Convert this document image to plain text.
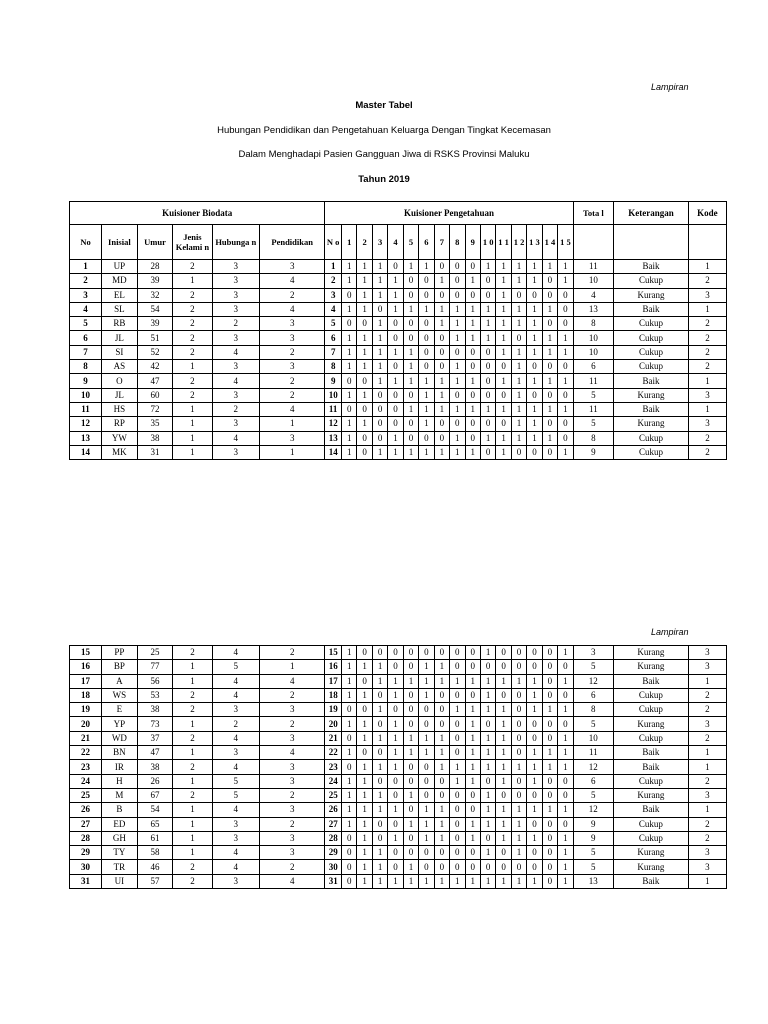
Lampiran
Master Tabel
Hubungan Pendidikan dan Pengetahuan Keluarga Dengan Tingkat Kecemasan
Dalam Menghadapi Pasien Gangguan Jiwa di RSKS Provinsi Maluku
Tahun 2019
Kuisioner Biodata						Kuisioner Pengetahuan																Tota l	Keterangan	Kode
No	Inisial	Umur	Jenis Kelami n	Hubunga n	Pendidikan	N o	1	2	3	4	5	6	7	8	9	1 0	1 1	1 2	1 3	1 4	1 5			
1	UP	28	2	3	3	1	1	1	1	0	1	1	0	0	0	1	1	1	1	1	1	11	Baik	1
2	MD	39	1	3	4	2	1	1	1	1	0	0	1	0	1	0	1	1	1	0	1	10	Cukup	2
3	EL	32	2	3	2	3	0	1	1	1	0	0	0	0	0	0	1	0	0	0	0	4	Kurang	3
4	SL	54	2	3	4	4	1	1	0	1	1	1	1	1	1	1	1	1	1	1	0	13	Baik	1
5	RB	39	2	2	3	5	0	0	1	0	0	0	1	1	1	1	1	1	1	0	0	8	Cukup	2
6	JL	51	2	3	3	6	1	1	1	0	0	0	0	1	1	1	1	0	1	1	1	10	Cukup	2
7	SI	52	2	4	2	7	1	1	1	1	1	0	0	0	0	0	1	1	1	1	1	10	Cukup	2
8	AS	42	1	3	3	8	1	1	1	0	1	0	0	1	0	0	0	1	0	0	0	6	Cukup	2
9	O	47	2	4	2	9	0	0	1	1	1	1	1	1	1	0	1	1	1	1	1	11	Baik	1
10	JL	60	2	3	2	10	1	1	0	0	0	1	1	0	0	0	0	1	0	0	0	5	Kurang	3
11	HS	72	1	2	4	11	0	0	0	0	1	1	1	1	1	1	1	1	1	1	1	11	Baik	1
12	RP	35	1	3	1	12	1	1	0	0	0	1	0	0	0	0	0	1	1	0	0	5	Kurang	3
13	YW	38	1	4	3	13	1	0	0	1	0	0	0	1	0	1	1	1	1	1	0	8	Cukup	2
14	MK	31	1	3	1	14	1	0	1	1	1	1	1	1	1	0	1	0	0	0	1	9	Cukup	2
Lampiran
15	PP	25	2	4	2	15	1	0	0	0	0	0	0	0	0	1	0	0	0	0	1	3	Kurang	3
16	BP	77	1	5	1	16	1	1	1	0	0	1	1	0	0	0	0	0	0	0	0	5	Kurang	3
17	A	56	1	4	4	17	1	0	1	1	1	1	1	1	1	1	1	1	1	0	1	12	Baik	1
18	WS	53	2	4	2	18	1	1	0	1	0	1	0	0	0	1	0	0	1	0	0	6	Cukup	2
19	E	38	2	3	3	19	0	0	1	0	0	0	0	1	1	1	1	0	1	1	1	8	Cukup	2
20	YP	73	1	2	2	20	1	1	0	1	0	0	0	0	1	0	1	0	0	0	0	5	Kurang	3
21	WD	37	2	4	3	21	0	1	1	1	1	1	1	0	1	1	1	0	0	0	1	10	Cukup	2
22	BN	47	1	3	4	22	1	0	0	1	1	1	1	0	1	1	1	0	1	1	1	11	Baik	1
23	IR	38	2	4	3	23	0	1	1	1	0	0	1	1	1	1	1	1	1	1	1	12	Baik	1
24	H	26	1	5	3	24	1	1	0	0	0	0	0	1	1	0	1	0	1	0	0	6	Cukup	2
25	M	67	2	5	2	25	1	1	1	0	1	0	0	0	0	1	0	0	0	0	0	5	Kurang	3
26	B	54	1	4	3	26	1	1	1	1	0	1	1	0	0	1	1	1	1	1	1	12	Baik	1
27	ED	65	1	3	2	27	1	1	0	0	1	1	1	0	1	1	1	1	0	0	0	9	Cukup	2
28	GH	61	1	3	3	28	0	1	0	1	0	1	1	0	1	0	1	1	1	0	1	9	Cukup	2
29	TY	58	1	4	3	29	0	1	1	0	0	0	0	0	0	1	0	1	0	0	1	5	Kurang	3
30	TR	46	2	4	2	30	0	1	1	0	1	0	0	0	0	0	0	0	0	0	1	5	Kurang	3
31	UI	57	2	3	4	31	0	1	1	1	1	1	1	1	1	1	1	1	1	0	1	13	Baik	1
